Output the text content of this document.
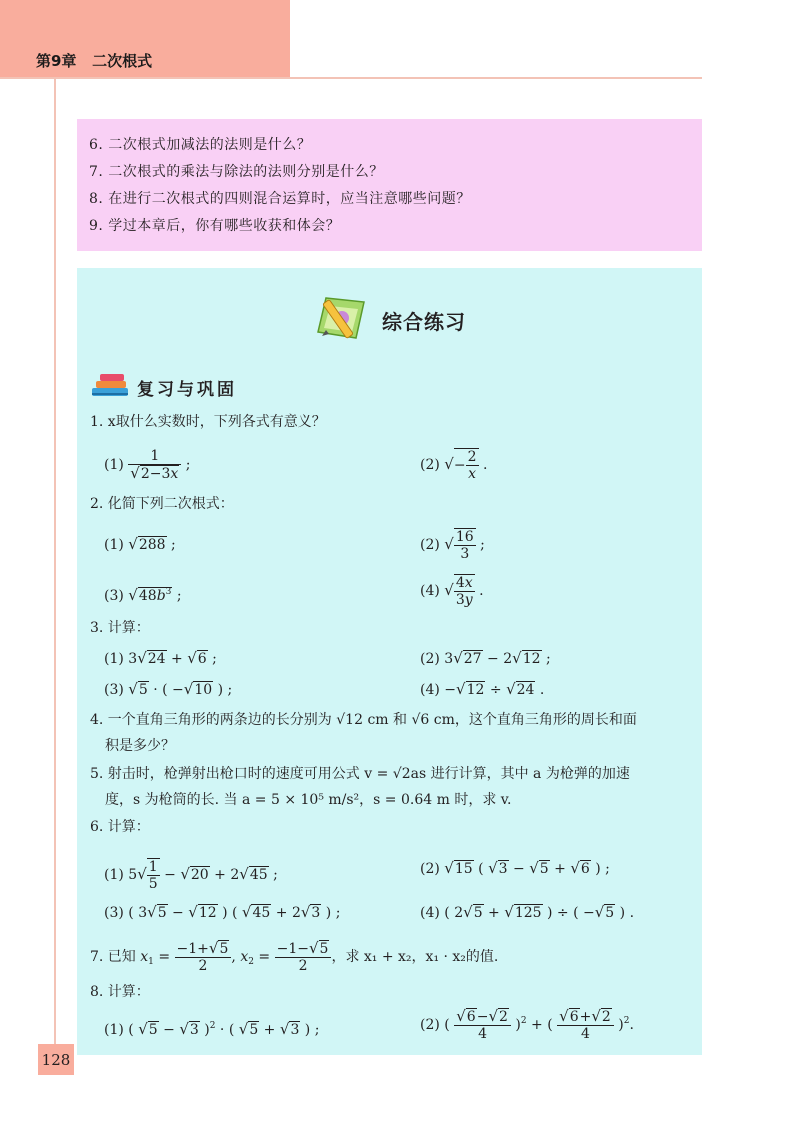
第9章   二次根式
128
6. 二次根式加减法的法则是什么？
7. 二次根式的乘法与除法的法则分别是什么？
8. 在进行二次根式的四则混合运算时，应当注意哪些问题？
9. 学过本章后，你有哪些收获和体会？
综合练习
复习与巩固
1. x取什么实数时，下列各式有意义？
$(1) \frac{1}{√2-3x}$ ;	(2) √− $\frac{2}{x}$ .
2. 化简下列二次根式：
(1) √288 ;	(2) √ $\frac{16}{3}$ ;
(3) $√48b^3$ ;	(4) √ $\frac{4x}{3y}$ .
3. 计算：
(1) 3√24 + √6 ;	(2) 3√27 − 2√12 ;
(3) √5 · ( −√10 ) ;	(4) −√12 ÷ √24 .
4. 一个直角三角形的两条边的长分别为 √12 cm 和 √6 cm，这个直角三角形的周长和面
积是多少？
5. 射击时，枪弹射出枪口时的速度可用公式 v = √2as 进行计算，其中 a 为枪弹的加速
度，s 为枪筒的长. 当 a = 5 × 10⁵ m/s²，s = 0.64 m 时，求 v.
6. 计算：
(1) $5√ \frac{1}{5} - √20 + 2√45$ ;	(2) √15 ( √3 − √5 + √6 ) ;
(3) ( 3√5 − √12 ) ( √45 + 2√3 ) ;	(4) ( 2√5 + √125 ) ÷ ( −√5 ) .
7. 已知 $x_1 = \frac{-1+√5}{2}$ , $x_2 = \frac{-1-√5}{2}$ ，求 x₁ + x₂，x₁ · x₂的值.
8. 计算：
(1) ( √5 − √3 )$^2$ · ( √5 + √3 ) ;	(2) ( $\frac{√6-√2}{4} )^2$ + ( $\frac{√6+√2}{4} )^2$.
